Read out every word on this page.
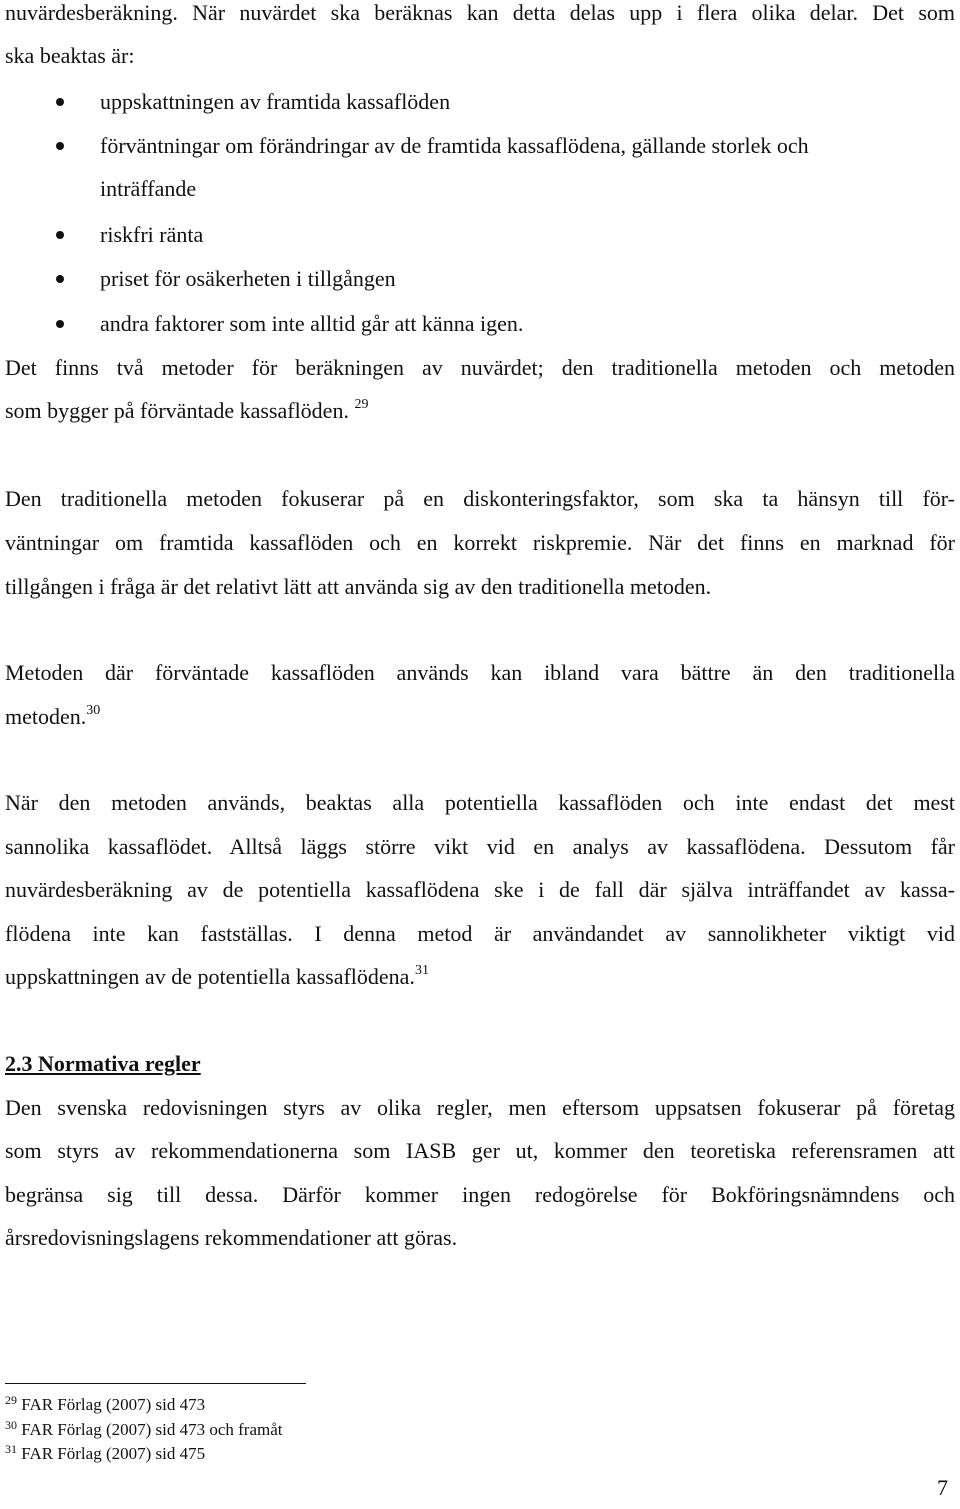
nuvärdesberäkning. När nuvärdet ska beräknas kan detta delas upp i flera olika delar. Det som

ska beaktas är:

uppskattningen av framtida kassaflöden
förväntningar om förändringar av de framtida kassaflödena, gällande storlek och
inträffande
riskfri ränta
priset för osäkerheten i tillgången
andra faktorer som inte alltid går att känna igen.

Det finns två metoder för beräkningen av nuvärdet; den traditionella metoden och metoden

som bygger på förväntade kassaflöden. $^{29}$

Den traditionella metoden fokuserar på en diskonteringsfaktor, som ska ta hänsyn till för-

väntningar om framtida kassaflöden och en korrekt riskpremie. När det finns en marknad för

tillgången i fråga är det relativt lätt att använda sig av den traditionella metoden.

Metoden där förväntade kassaflöden används kan ibland vara bättre än den traditionella

metoden.$^{30}$

När den metoden används, beaktas alla potentiella kassaflöden och inte endast det mest

sannolika kassaflödet. Alltså läggs större vikt vid en analys av kassaflödena. Dessutom får

nuvärdesberäkning av de potentiella kassaflödena ske i de fall där själva inträffandet av kassa-

flödena inte kan fastställas. I denna metod är användandet av sannolikheter viktigt vid

uppskattningen av de potentiella kassaflödena.$^{31}$

2.3 Normativa regler

Den svenska redovisningen styrs av olika regler, men eftersom uppsatsen fokuserar på företag

som styrs av rekommendationerna som IASB ger ut, kommer den teoretiska referensramen att

begränsa sig till dessa. Därför kommer ingen redogörelse för Bokföringsnämndens och

årsredovisningslagens rekommendationer att göras.

$^{29}$ FAR Förlag (2007) sid 473
$^{30}$ FAR Förlag (2007) sid 473 och framåt
$^{31}$ FAR Förlag (2007) sid 475
7
